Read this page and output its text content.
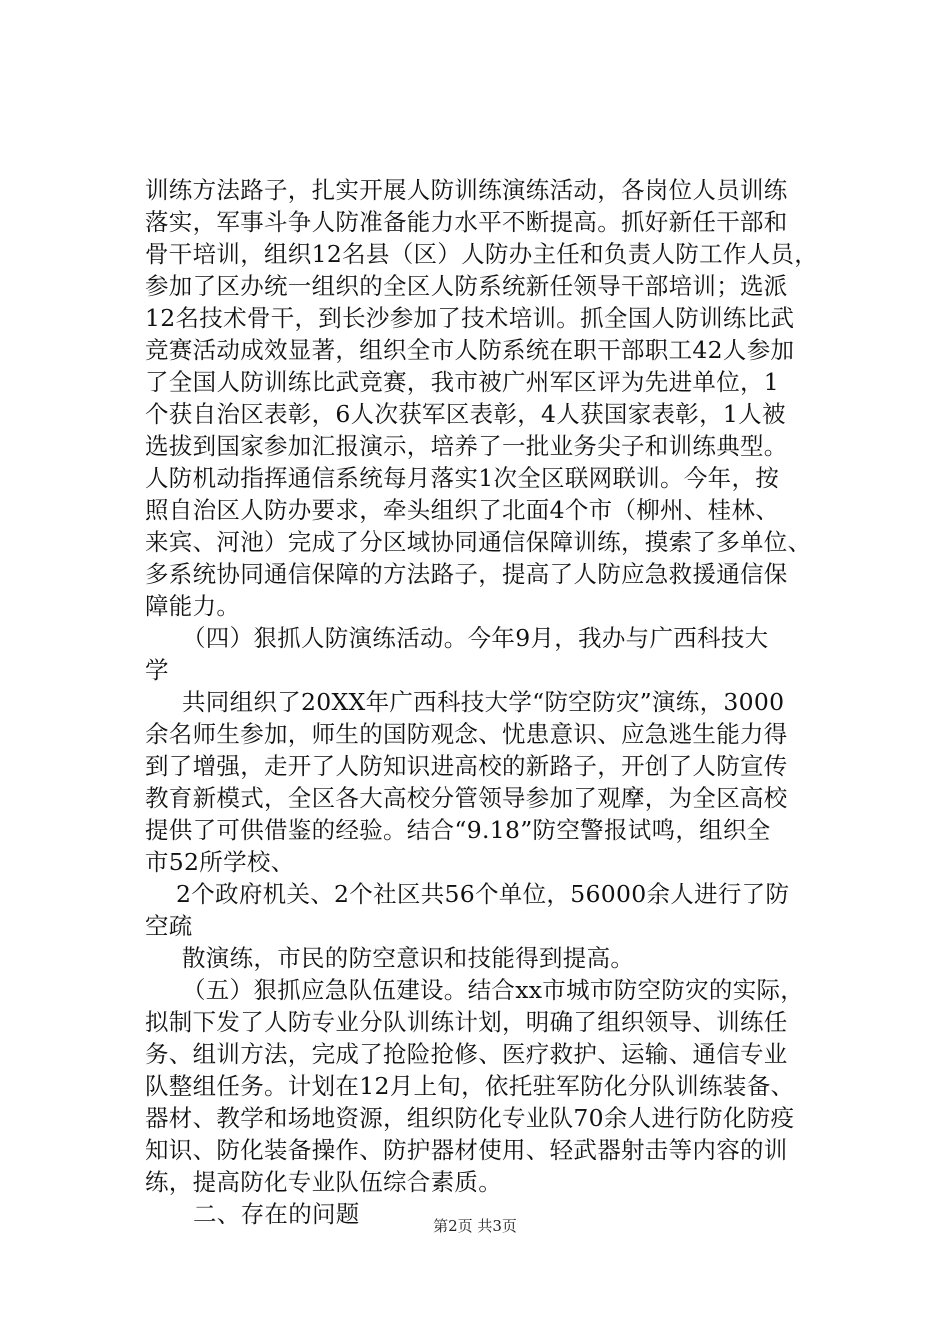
训练方法路子，扎实开展人防训练演练活动，各岗位人员训练
落实，军事斗争人防准备能力水平不断提高。抓好新任干部和
骨干培训，组织12名县（区）人防办主任和负责人防工作人员，
参加了区办统一组织的全区人防系统新任领导干部培训；选派
12名技术骨干，到长沙参加了技术培训。抓全国人防训练比武
竞赛活动成效显著，组织全市人防系统在职干部职工42人参加
了全国人防训练比武竞赛，我市被广州军区评为先进单位，1
个获自治区表彰，6人次获军区表彰，4人获国家表彰，1人被
选拔到国家参加汇报演示，培养了一批业务尖子和训练典型。
人防机动指挥通信系统每月落实1次全区联网联训。今年，按
照自治区人防办要求，牵头组织了北面4个市（柳州、桂林、
来宾、河池）完成了分区域协同通信保障训练，摸索了多单位、
多系统协同通信保障的方法路子，提高了人防应急救援通信保
障能力。
（四）狠抓人防演练活动。今年9月，我办与广西科技大
学
共同组织了20XX年广西科技大学“防空防灾”演练，3000
余名师生参加，师生的国防观念、忧患意识、应急逃生能力得
到了增强，走开了人防知识进高校的新路子，开创了人防宣传
教育新模式，全区各大高校分管领导参加了观摩，为全区高校
提供了可供借鉴的经验。结合“9.18”防空警报试鸣，组织全
市52所学校、
2个政府机关、2个社区共56个单位，56000余人进行了防
空疏
散演练，市民的防空意识和技能得到提高。
（五）狠抓应急队伍建设。结合xx市城市防空防灾的实际，
拟制下发了人防专业分队训练计划，明确了组织领导、训练任
务、组训方法，完成了抢险抢修、医疗救护、运输、通信专业
队整组任务。计划在12月上旬，依托驻军防化分队训练装备、
器材、教学和场地资源，组织防化专业队70余人进行防化防疫
知识、防化装备操作、防护器材使用、轻武器射击等内容的训
练，提高防化专业队伍综合素质。
二、存在的问题	第2页 共3页
